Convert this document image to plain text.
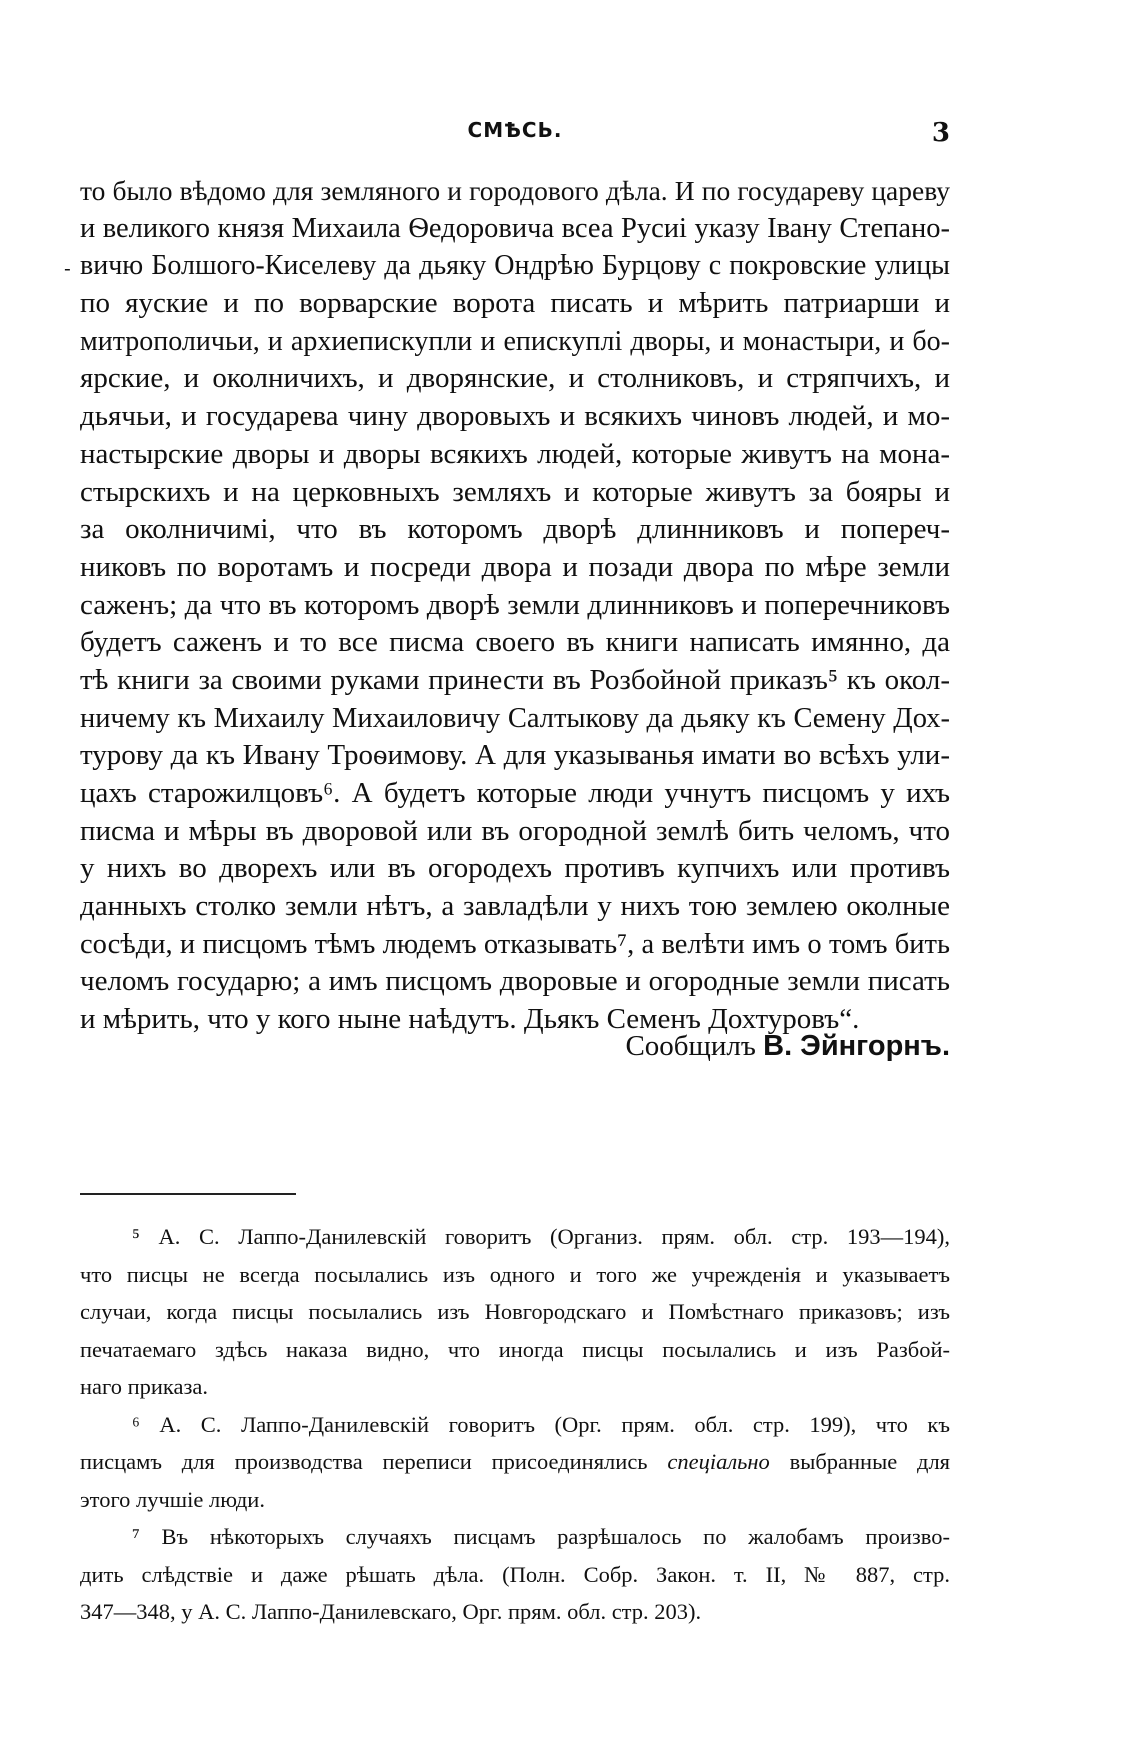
СМѢСЬ.	3
-
то было вѣдомо для земляного и городового дѣла. И по государеву цареву
и великого князя Михаила Ѳедоровича всеа Русиі указу Івану Степано-
вичю Болшого-Киселеву да дьяку Ондрѣю Бурцову с покровские улицы
по яуские и по ворварские ворота писать и мѣрить патриарши и
митрополичьи, и архиепискупли и епискуплі дворы, и монастыри, и бо-
ярские, и околничихъ, и дворянские, и столниковъ, и стряпчихъ, и
дьячьи, и государева чину дворовыхъ и всякихъ чиновъ людей, и мо-
настырские дворы и дворы всякихъ людей, которые живутъ на мона-
стырскихъ и на церковныхъ земляхъ и которые живутъ за бояры и
за околничимі, что въ которомъ дворѣ длинниковъ и попереч-
никовъ по воротамъ и посреди двора и позади двора по мѣре земли
саженъ; да что въ которомъ дворѣ земли длинниковъ и поперечниковъ
будетъ саженъ и то все писма своего въ книги написать имянно, да
тѣ книги за своими руками принести въ Розбойной приказъ⁵ къ окол-
ничему къ Михаилу Михаиловичу Салтыкову да дьяку къ Семену Дох-
турову да къ Ивану Троѳимову. А для указыванья имати во всѣхъ ули-
цахъ старожилцовъ⁶. А будетъ которые люди учнутъ писцомъ у ихъ
писма и мѣры въ дворовой или въ огородной землѣ бить челомъ, что
у нихъ во дворехъ или въ огородехъ противъ купчихъ или противъ
данныхъ столко земли нѣтъ, а завладѣли у нихъ тою землею околные
сосѣди, и писцомъ тѣмъ людемъ отказывать⁷, а велѣти имъ о томъ бить
челомъ государю; а имъ писцомъ дворовые и огородные земли писать
и мѣрить, что у кого ныне наѣдутъ. Дьякъ Семенъ Дохтуровъ“.
Сообщилъ В. Эйнгорнъ.
⁵ А. С. Лаппо-Данилевскій говоритъ (Организ. прям. обл. стр. 193—194),
что писцы не всегда посылались изъ одного и того же учрежденія и указываетъ
случаи, когда писцы посылались изъ Новгородскаго и Помѣстнаго приказовъ; изъ
печатаемаго здѣсь наказа видно, что иногда писцы посылались и изъ Разбой-
наго приказа.
⁶ А. С. Лаппо-Данилевскій говоритъ (Орг. прям. обл. стр. 199), что къ
писцамъ для производства переписи присоединялись спеціально выбранные для
этого лучшіе люди.
⁷ Въ нѣкоторыхъ случаяхъ писцамъ разрѣшалось по жалобамъ произво-
дить слѣдствіе и даже рѣшать дѣла. (Полн. Собр. Закон. т. II, № 887, стр.
347—348, у А. С. Лаппо-Данилевскаго, Орг. прям. обл. стр. 203).
